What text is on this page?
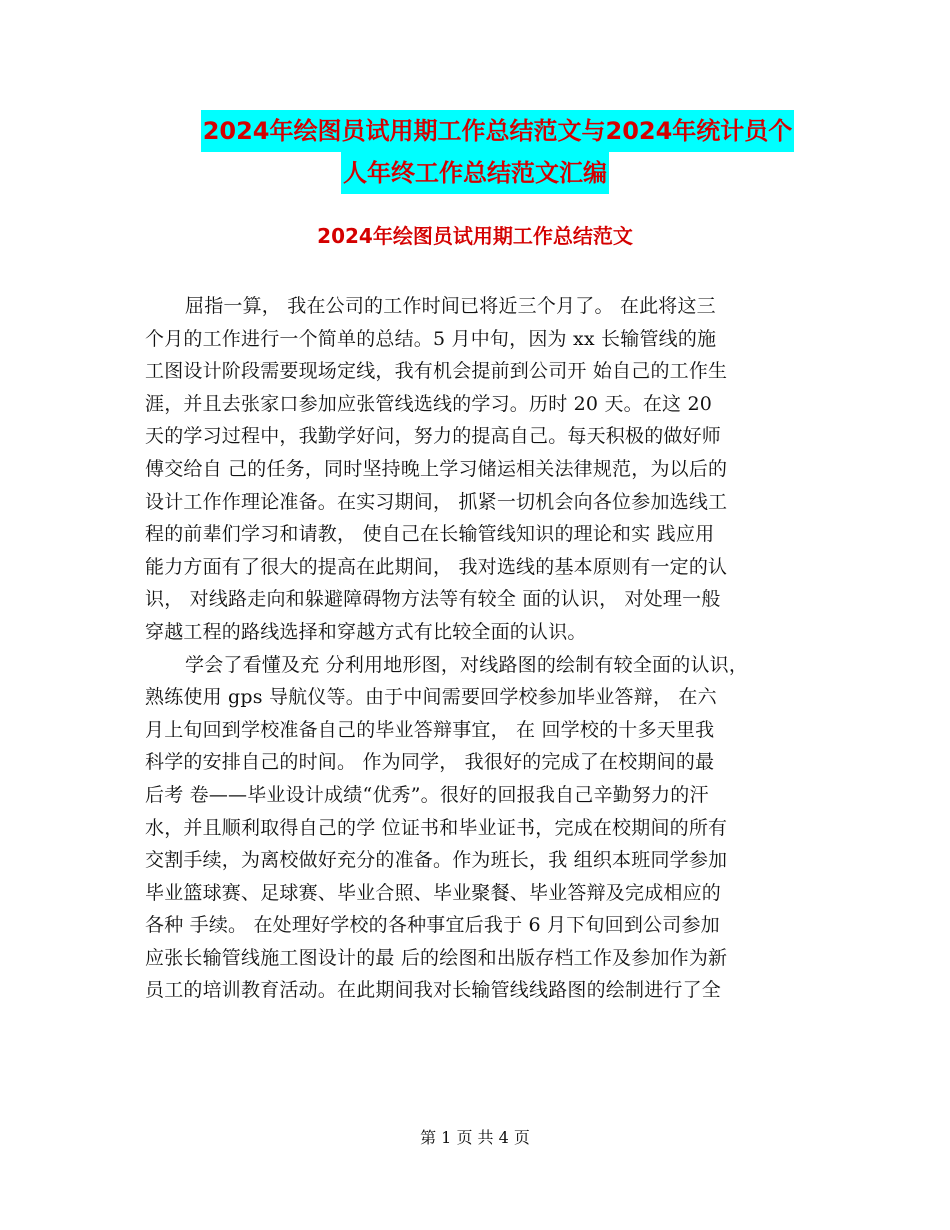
2024年绘图员试用期工作总结范文与2024年统计员个
人年终工作总结范文汇编
2024年绘图员试用期工作总结范文
屈指一算， 我在公司的工作时间已将近三个月了。 在此将这三
个月的工作进行一个简单的总结。5 月中旬，因为 xx 长输管线的施
工图设计阶段需要现场定线，我有机会提前到公司开 始自己的工作生
涯，并且去张家口参加应张管线选线的学习。历时 20 天。在这 20
天的学习过程中，我勤学好问，努力的提高自己。每天积极的做好师
傅交给自 己的任务，同时坚持晚上学习储运相关法律规范，为以后的
设计工作作理论准备。在实习期间， 抓紧一切机会向各位参加选线工
程的前辈们学习和请教， 使自己在长输管线知识的理论和实 践应用
能力方面有了很大的提高在此期间， 我对选线的基本原则有一定的认
识， 对线路走向和躲避障碍物方法等有较全 面的认识， 对处理一般
穿越工程的路线选择和穿越方式有比较全面的认识。
学会了看懂及充 分利用地形图，对线路图的绘制有较全面的认识，
熟练使用 gps 导航仪等。由于中间需要回学校参加毕业答辩， 在六
月上旬回到学校准备自己的毕业答辩事宜， 在 回学校的十多天里我
科学的安排自己的时间。 作为同学， 我很好的完成了在校期间的最
后考 卷——毕业设计成绩“优秀”。很好的回报我自己辛勤努力的汗
水，并且顺利取得自己的学 位证书和毕业证书，完成在校期间的所有
交割手续，为离校做好充分的准备。作为班长，我 组织本班同学参加
毕业篮球赛、足球赛、毕业合照、毕业聚餐、毕业答辩及完成相应的
各种 手续。 在处理好学校的各种事宜后我于 6 月下旬回到公司参加
应张长输管线施工图设计的最 后的绘图和出版存档工作及参加作为新
员工的培训教育活动。在此期间我对长输管线线路图的绘制进行了全
第 1 页 共 4 页
